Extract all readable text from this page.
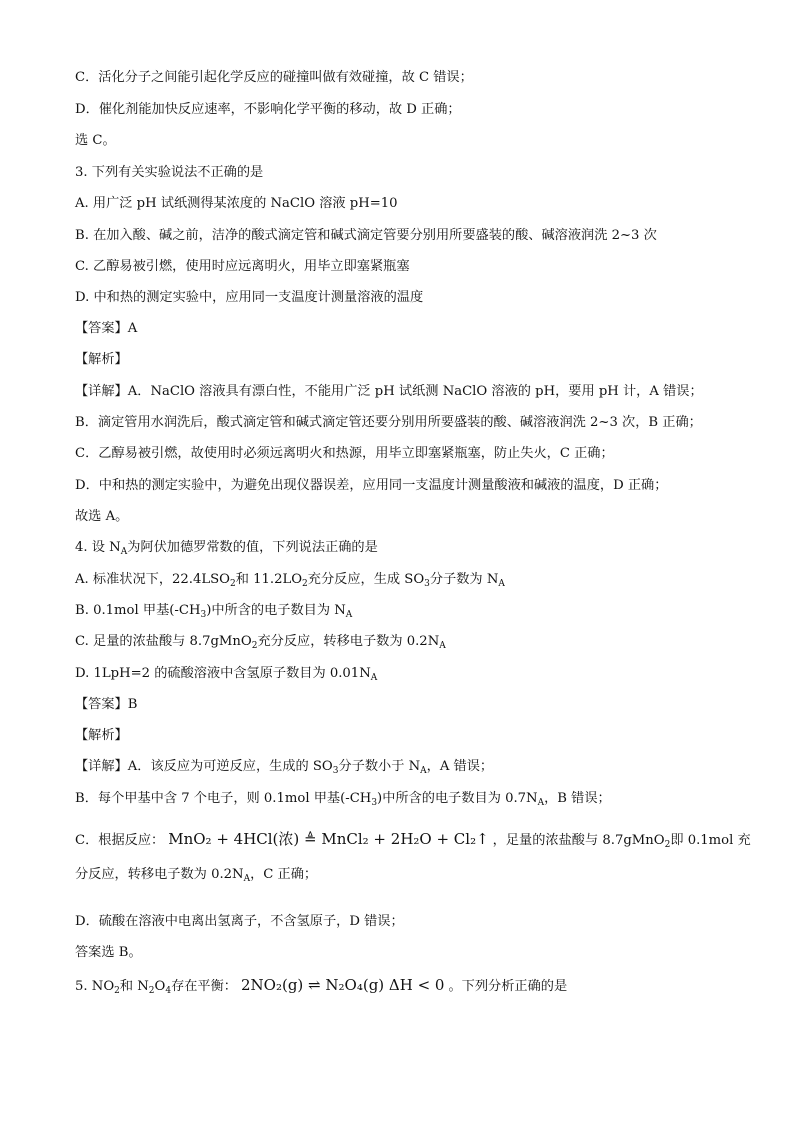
C．活化分子之间能引起化学反应的碰撞叫做有效碰撞，故 C 错误；
D．催化剂能加快反应速率，不影响化学平衡的移动，故 D 正确；
选 C。
3. 下列有关实验说法不正确的是
A. 用广泛 pH 试纸测得某浓度的 NaClO 溶液 pH=10
B. 在加入酸、碱之前，洁净的酸式滴定管和碱式滴定管要分别用所要盛装的酸、碱溶液润洗 2~3 次
C. 乙醇易被引燃，使用时应远离明火，用毕立即塞紧瓶塞
D. 中和热的测定实验中，应用同一支温度计测量溶液的温度
【答案】A
【解析】
【详解】A．NaClO 溶液具有漂白性，不能用广泛 pH 试纸测 NaClO 溶液的 pH，要用 pH 计，A 错误；
B．滴定管用水润洗后，酸式滴定管和碱式滴定管还要分别用所要盛装的酸、碱溶液润洗 2~3 次，B 正确；
C．乙醇易被引燃，故使用时必须远离明火和热源，用毕立即塞紧瓶塞，防止失火，C 正确；
D．中和热的测定实验中，为避免出现仪器误差，应用同一支温度计测量酸液和碱液的温度，D 正确；
故选 A。
4. 设 $N_A$为阿伏加德罗常数的值，下列说法正确的是
A. 标准状况下，$22.4LSO_2$和 $11.2LO_2$充分反应，生成 $SO_3$分子数为 $N_A$
B. 0.1mol 甲基$(-CH_3)$中所含的电子数目为 $N_A$
C. 足量的浓盐酸与 8.7gMnO$_2$充分反应，转移电子数为 $0.2N_A$
D. 1LpH=2 的硫酸溶液中含氢原子数目为 $0.01N_A$
【答案】B
【解析】
【详解】A．该反应为可逆反应，生成的 $SO_3$分子数小于 $N_A$，A 错误；
B．每个甲基中含 7 个电子，则 0.1mol 甲基$(-CH_3)$中所含的电子数目为 $0.7N_A$，B 错误；
C．根据反应： MnO₂ + 4HCl(浓) ≜ MnCl₂ + 2H₂O + Cl₂↑ ，足量的浓盐酸与 8.7gMnO$_2$即 0.1mol 充分反应，转移电子数为 $0.2N_A$，C 正确；
D．硫酸在溶液中电离出氢离子，不含氢原子，D 错误；
答案选 B。
5. $NO_2$和 $N_2O_4$存在平衡： 2NO₂(g) ⇌ N₂O₄(g) ΔH < 0 。下列分析正确的是
